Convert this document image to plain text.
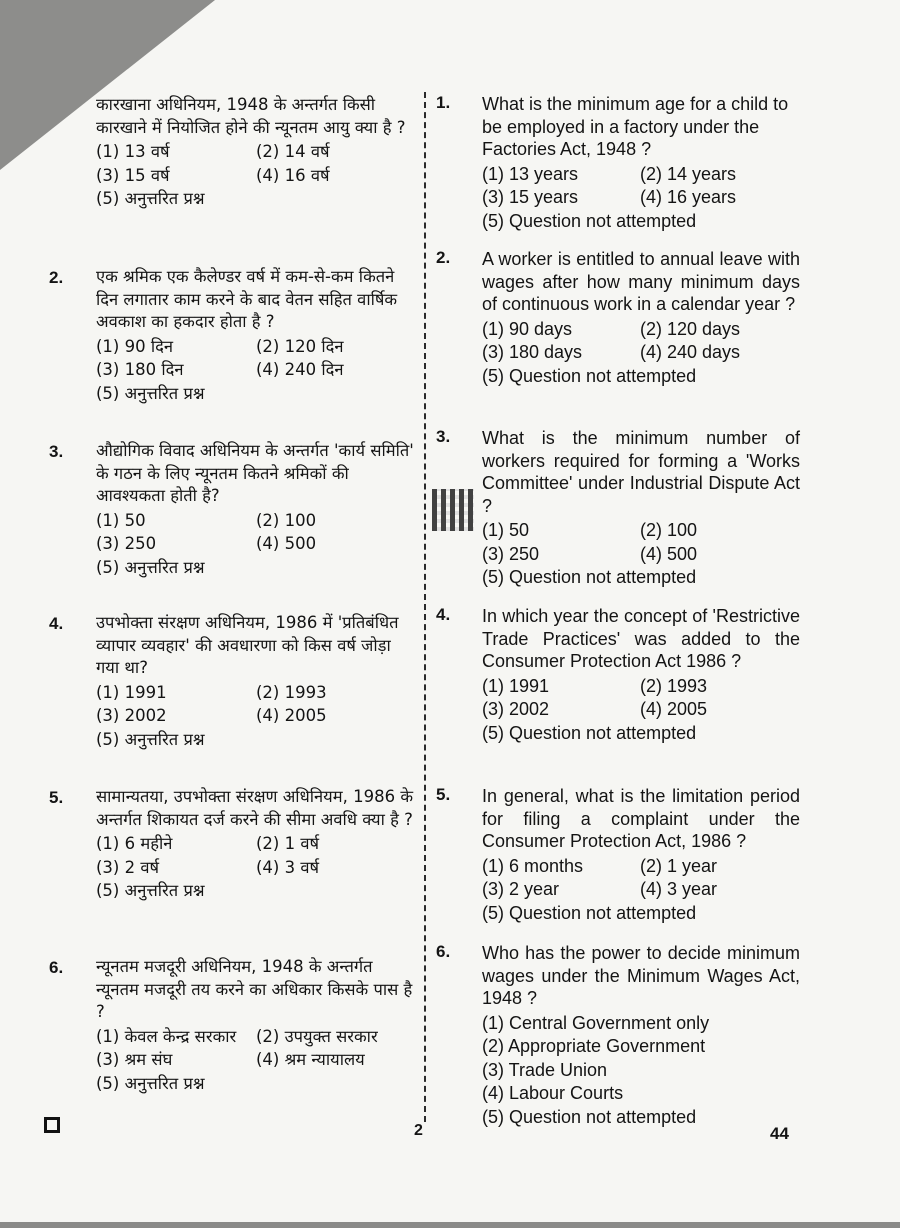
कारखाना अधिनियम, 1948 के अन्तर्गत किसी कारखाने में नियोजित होने की न्यूनतम आयु क्या है ?

(1) 13 वर्ष	(2) 14 वर्ष
(3) 15 वर्ष	(4) 16 वर्ष
(5) अनुत्तरित प्रश्न
2. एक श्रमिक एक कैलेण्डर वर्ष में कम-से-कम कितने दिन लगातार काम करने के बाद वेतन सहित वार्षिक अवकाश का हकदार होता है ?

(1) 90 दिन	(2) 120 दिन
(3) 180 दिन	(4) 240 दिन
(5) अनुत्तरित प्रश्न
3. औद्योगिक विवाद अधिनियम के अन्तर्गत 'कार्य समिति' के गठन के लिए न्यूनतम कितने श्रमिकों की आवश्यकता होती है?

(1) 50	(2) 100
(3) 250	(4) 500
(5) अनुत्तरित प्रश्न
4. उपभोक्ता संरक्षण अधिनियम, 1986 में 'प्रतिबंधित व्यापार व्यवहार' की अवधारणा को किस वर्ष जोड़ा गया था?

(1) 1991	(2) 1993
(3) 2002	(4) 2005
(5) अनुत्तरित प्रश्न
5. सामान्यतया, उपभोक्ता संरक्षण अधिनियम, 1986 के अन्तर्गत शिकायत दर्ज करने की सीमा अवधि क्या है ?

(1) 6 महीने	(2) 1 वर्ष
(3) 2 वर्ष	(4) 3 वर्ष
(5) अनुत्तरित प्रश्न
6. न्यूनतम मजदूरी अधिनियम, 1948 के अन्तर्गत न्यूनतम मजदूरी तय करने का अधिकार किसके पास है ?

(1) केवल केन्द्र सरकार	(2) उपयुक्त सरकार
(3) श्रम संघ	(4) श्रम न्यायालय
(5) अनुत्तरित प्रश्न
1. What is the minimum age for a child to be employed in a factory under the Factories Act, 1948 ?

(1) 13 years	(2) 14 years
(3) 15 years	(4) 16 years
(5) Question not attempted
2. A worker is entitled to annual leave with wages after how many minimum days of continuous work in a calendar year ?

(1) 90 days	(2) 120 days
(3) 180 days	(4) 240 days
(5) Question not attempted
3. What is the minimum number of workers required for forming a 'Works Committee' under Industrial Dispute Act ?

(1) 50	(2) 100
(3) 250	(4) 500
(5) Question not attempted
4. In which year the concept of 'Restrictive Trade Practices' was added to the Consumer Protection Act 1986 ?

(1) 1991	(2) 1993
(3) 2002	(4) 2005
(5) Question not attempted
5. In general, what is the limitation period for filing a complaint under the Consumer Protection Act, 1986 ?

(1) 6 months	(2) 1 year
(3) 2 year	(4) 3 year
(5) Question not attempted
6. Who has the power to decide minimum wages under the Minimum Wages Act, 1948 ?

(1) Central Government only
(2) Appropriate Government
(3) Trade Union
(4) Labour Courts
(5) Question not attempted
2	44
